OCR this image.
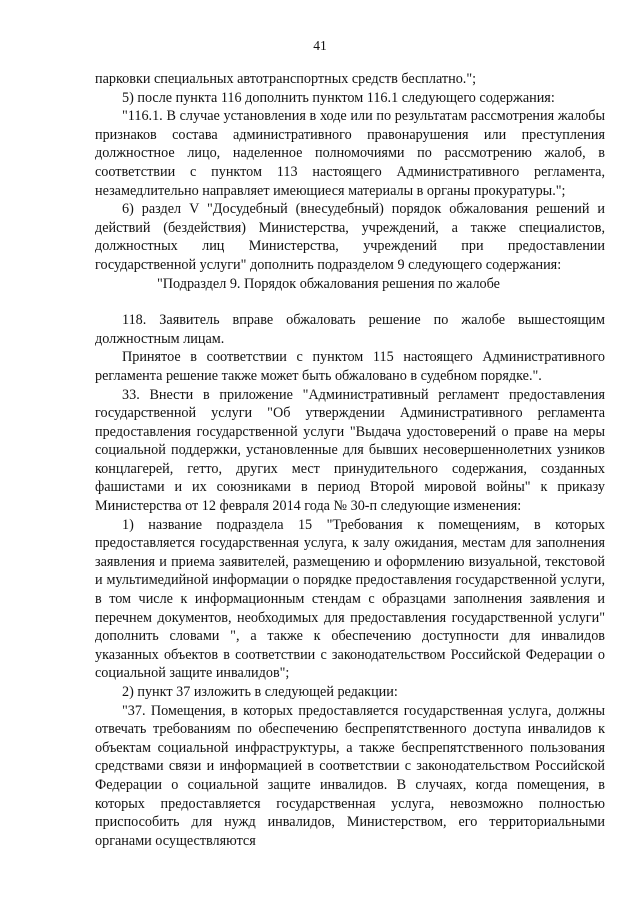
41

парковки специальных автотранспортных средств бесплатно.";

5) после пункта 116 дополнить пунктом 116.1 следующего содержания:

"116.1. В случае установления в ходе или по результатам рассмотрения жалобы признаков состава административного правонарушения или преступления должностное лицо, наделенное полномочиями по рассмотрению жалоб, в соответствии с пунктом 113 настоящего Административного регламента, незамедлительно направляет имеющиеся материалы в органы прокуратуры.";

6) раздел V "Досудебный (внесудебный) порядок обжалования решений и действий (бездействия) Министерства, учреждений, а также специалистов, должностных лиц Министерства, учреждений при предоставлении государственной услуги" дополнить подразделом 9 следующего содержания:

"Подраздел 9. Порядок обжалования решения по жалобе

118. Заявитель вправе обжаловать решение по жалобе вышестоящим должностным лицам.

Принятое в соответствии с пунктом 115 настоящего Административного регламента решение также может быть обжаловано в судебном порядке.".

33. Внести в приложение "Административный регламент предоставления государственной услуги "Об утверждении Административного регламента предоставления государственной услуги "Выдача удостоверений о праве на меры социальной поддержки, установленные для бывших несовершеннолетних узников концлагерей, гетто, других мест принудительного содержания, созданных фашистами и их союзниками в период Второй мировой войны" к приказу Министерства от 12 февраля 2014 года № 30-п следующие изменения:

1) название подраздела 15 "Требования к помещениям, в которых предоставляется государственная услуга, к залу ожидания, местам для заполнения заявления и приема заявителей, размещению и оформлению визуальной, текстовой и мультимедийной информации о порядке предоставления государственной услуги, в том числе к информационным стендам с образцами заполнения заявления и перечнем документов, необходимых для предоставления государственной услуги" дополнить словами ", а также к обеспечению доступности для инвалидов указанных объектов в соответствии с законодательством Российской Федерации о социальной защите инвалидов";

2) пункт 37 изложить в следующей редакции:

"37. Помещения, в которых предоставляется государственная услуга, должны отвечать требованиям по обеспечению беспрепятственного доступа инвалидов к объектам социальной инфраструктуры, а также беспрепятственного пользования средствами связи и информацией в соответствии с законодательством Российской Федерации о социальной защите инвалидов. В случаях, когда помещения, в которых предоставляется государственная услуга, невозможно полностью приспособить для нужд инвалидов, Министерством, его территориальными органами осуществляются
